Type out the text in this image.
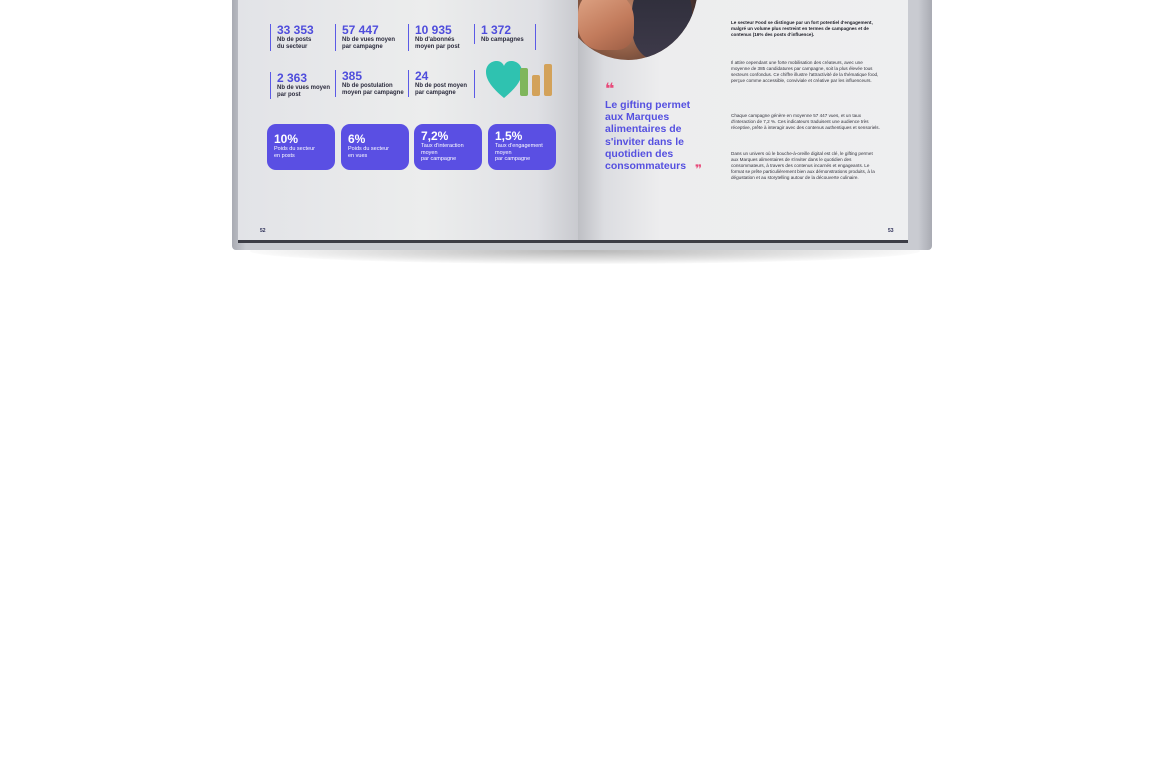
33 353
Nb de posts
du secteur
57 447
Nb de vues moyen
par campagne
10 935
Nb d'abonnés
moyen par post
1 372
Nb campagnes
2 363
Nb de vues moyen
par post
385
Nb de postulation
moyen par campagne
24
Nb de post moyen
par campagne
10%
Poids du secteur
en posts
6%
Poids du secteur
en vues
7,2%
Taux d'interaction
moyen
par campagne
1,5%
Taux d'engagement
moyen
par campagne
52
❝
Le gifting permet aux Marques alimentaires de s'inviter dans le quotidien des consommateurs ❞
Le secteur Food se distingue par un fort potentiel d'engagement, malgré un volume plus restreint en termes de campagnes et de contenus (16% des posts d'influence).
Il attire cependant une forte mobilisation des créateurs, avec une moyenne de 385 candidatures par campagne, soit la plus élevée tous secteurs confondus. Ce chiffre illustre l'attractivité de la thématique food, perçue comme accessible, conviviale et créative par les influenceurs.
Chaque campagne génère en moyenne 57 447 vues, et un taux d'interaction de 7,2 %. Ces indicateurs traduisent une audience très réceptive, prête à interagir avec des contenus authentiques et sensoriels.
Dans un univers où le bouche-à-oreille digital est clé, le gifting permet aux Marques alimentaires de s'inviter dans le quotidien des consommateurs, à travers des contenus incarnés et engageants. Le format se prête particulièrement bien aux démonstrations produits, à la dégustation et au storytelling autour de la découverte culinaire.
53
